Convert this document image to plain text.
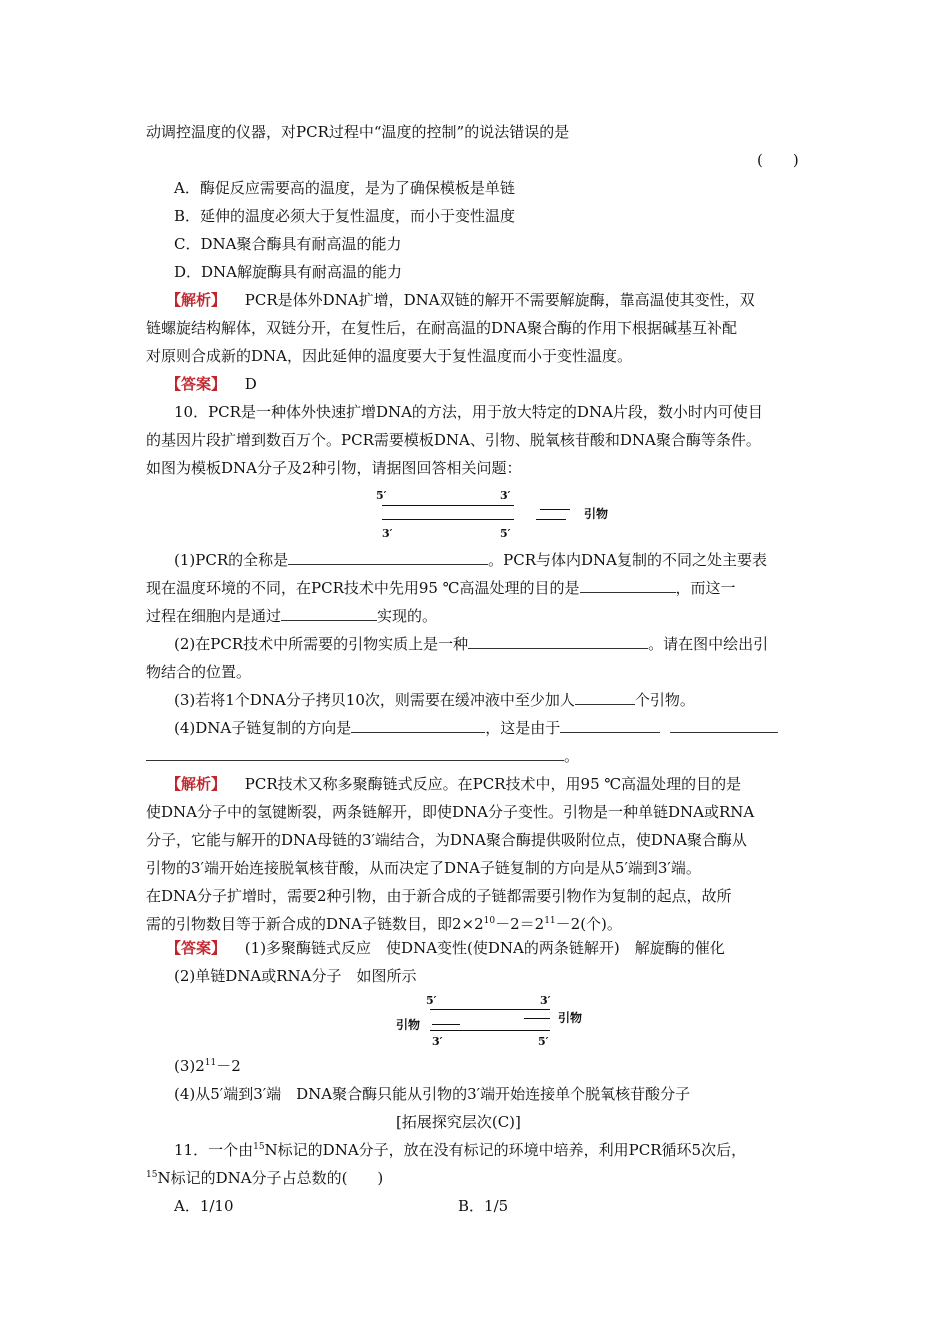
动调控温度的仪器，对PCR过程中“温度的控制”的说法错误的是
(　　)
A．酶促反应需要高的温度，是为了确保模板是单链
B．延伸的温度必须大于复性温度，而小于变性温度
C．DNA聚合酶具有耐高温的能力
D．DNA解旋酶具有耐高温的能力
【解析】 PCR是体外DNA扩增，DNA双链的解开不需要解旋酶，靠高温使其变性，双
链螺旋结构解体，双链分开，在复性后，在耐高温的DNA聚合酶的作用下根据碱基互补配
对原则合成新的DNA，因此延伸的温度要大于复性温度而小于变性温度。
【答案】 D
10．PCR是一种体外快速扩增DNA的方法，用于放大特定的DNA片段，数小时内可使目
的基因片段扩增到数百万个。PCR需要模板DNA、引物、脱氧核苷酸和DNA聚合酶等条件。
如图为模板DNA分子及2种引物，请据图回答相关问题：
5′	3′
3′	5′
引物
(1)PCR的全称是	。PCR与体内DNA复制的不同之处主要表
现在温度环境的不同，在PCR技术中先用95 ℃高温处理的目的是	，而这一
过程在细胞内是通过	实现的。
(2)在PCR技术中所需要的引物实质上是一种	。请在图中绘出引
物结合的位置。
(3)若将1个DNA分子拷贝10次，则需要在缓冲液中至少加人	个引物。
(4)DNA子链复制的方向是	，这是由于
。
【解析】 PCR技术又称多聚酶链式反应。在PCR技术中，用95 ℃高温处理的目的是
使DNA分子中的氢键断裂，两条链解开，即使DNA分子变性。引物是一种单链DNA或RNA
分子，它能与解开的DNA母链的3′端结合，为DNA聚合酶提供吸附位点，使DNA聚合酶从
引物的3′端开始连接脱氧核苷酸，从而决定了DNA子链复制的方向是从5′端到3′端。
在DNA分子扩增时，需要2种引物，由于新合成的子链都需要引物作为复制的起点，故所
需的引物数目等于新合成的DNA子链数目，即$2\times 2^{10}-2=2^{11}-2$(个)。
【答案】 (1)多聚酶链式反应　使DNA变性(使DNA的两条链解开)　解旋酶的催化
(2)单链DNA或RNA分子　如图所示
5′	3′
引物	引物
3′	5′
$(3)2^{11}-2$
(4)从5′端到3′端　DNA聚合酶只能从引物的3′端开始连接单个脱氧核苷酸分子
[拓展探究层次(C)]
11．一个由$^{15}$N标记的DNA分子，放在没有标记的环境中培养，利用PCR循环5次后，
$^{15}$N标记的DNA分子占总数的(　　)
A．1/10	B．1/5
